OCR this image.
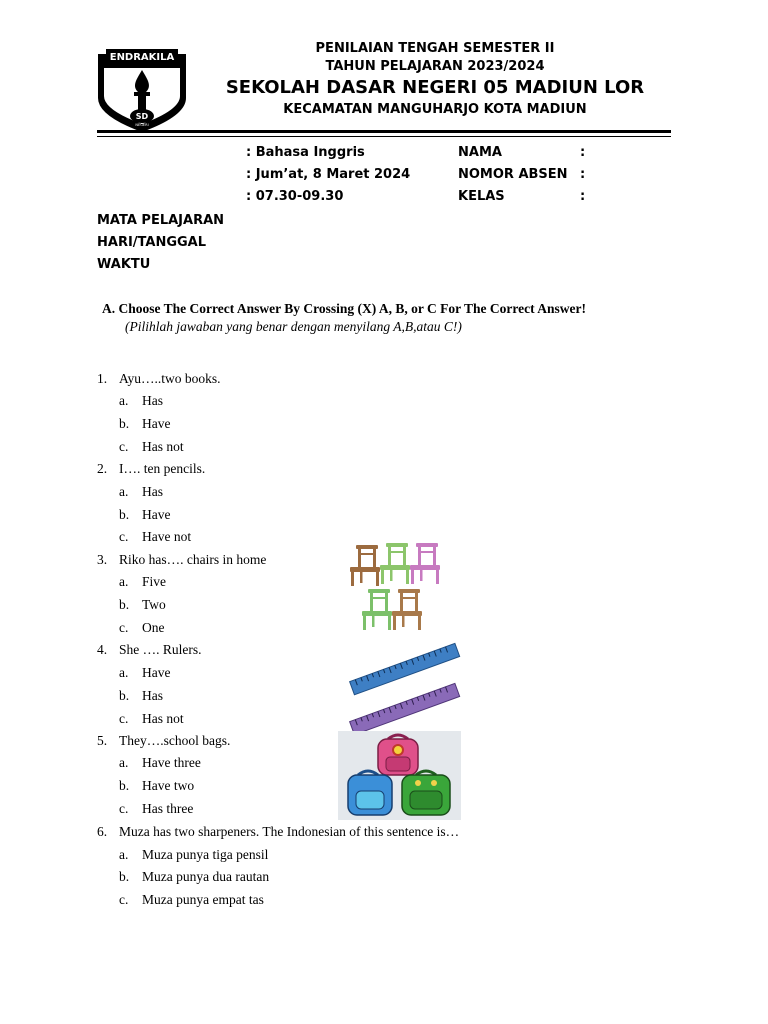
ENDRAKILA
SD
NEGERI
PENILAIAN TENGAH SEMESTER II
TAHUN PELAJARAN 2023/2024
SEKOLAH DASAR NEGERI 05 MADIUN LOR
KECAMATAN MANGUHARJO KOTA MADIUN
: Bahasa Inggris
: Jum’at, 8 Maret 2024
: 07.30-09.30
NAMA	:
NOMOR ABSEN :
KELAS	:
MATA PELAJARAN
HARI/TANGGAL
WAKTU
A. Choose The Correct Answer By Crossing (X) A, B, or C For The Correct Answer!
(Pilihlah jawaban yang benar dengan menyilang A,B,atau C!)
1. Ayu…..two books.
a. Has
b. Have
c. Has not
2. I…. ten pencils.
a. Has
b. Have
c. Have not
3. Riko has…. chairs in home
a. Five
b. Two
c. One
4. She …. Rulers.
a. Have
b. Has
c. Has not
5. They….school bags.
a. Have three
b. Have two
c. Has three
6. Muza has two sharpeners. The Indonesian of this sentence is…
a. Muza punya tiga pensil
b. Muza punya dua rautan
c. Muza punya empat tas
